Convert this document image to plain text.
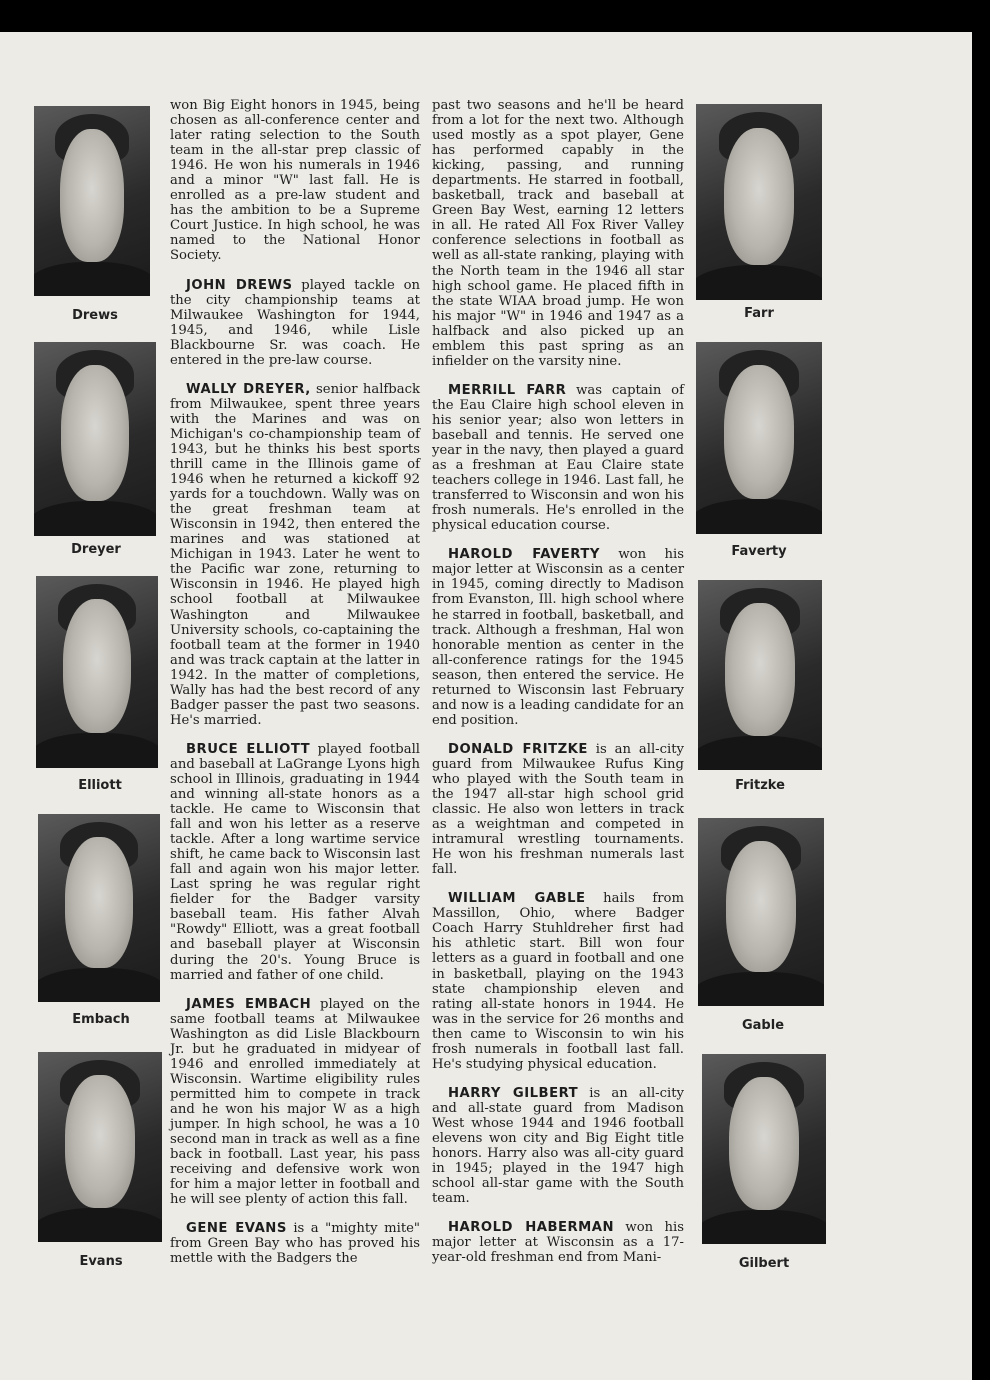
Drews
Dreyer
Elliott
Embach
Evans
Farr
Faverty
Fritzke
Gable
Gilbert

won Big Eight honors in 1945, being chosen as all-conference center and later rating selection to the South team in the all-star prep classic of 1946. He won his numerals in 1946 and a minor "W" last fall. He is enrolled as a pre-law student and has the ambition to be a Supreme Court Justice. In high school, he was named to the National Honor Society.

JOHN DREWS played tackle on the city championship teams at Milwaukee Washington for 1944, 1945, and 1946, while Lisle Blackbourne Sr. was coach. He entered in the pre-law course.

WALLY DREYER, senior halfback from Milwaukee, spent three years with the Marines and was on Michigan's co-championship team of 1943, but he thinks his best sports thrill came in the Illinois game of 1946 when he returned a kickoff 92 yards for a touchdown. Wally was on the great freshman team at Wisconsin in 1942, then entered the marines and was stationed at Michigan in 1943. Later he went to the Pacific war zone, returning to Wisconsin in 1946. He played high school football at Milwaukee Washington and Milwaukee University schools, co-captaining the football team at the former in 1940 and was track captain at the latter in 1942. In the matter of completions, Wally has had the best record of any Badger passer the past two seasons. He's married.

BRUCE ELLIOTT played football and baseball at LaGrange Lyons high school in Illinois, graduating in 1944 and winning all-state honors as a tackle. He came to Wisconsin that fall and won his letter as a reserve tackle. After a long wartime service shift, he came back to Wisconsin last fall and again won his major letter. Last spring he was regular right fielder for the Badger varsity baseball team. His father Alvah "Rowdy" Elliott, was a great football and baseball player at Wisconsin during the 20's. Young Bruce is married and father of one child.

JAMES EMBACH played on the same football teams at Milwaukee Washington as did Lisle Blackbourn Jr. but he graduated in midyear of 1946 and enrolled immediately at Wisconsin. Wartime eligibility rules permitted him to compete in track and he won his major W as a high jumper. In high school, he was a 10 second man in track as well as a fine back in football. Last year, his pass receiving and defensive work won for him a major letter in football and he will see plenty of action this fall.

GENE EVANS is a "mighty mite" from Green Bay who has proved his mettle with the Badgers the

past two seasons and he'll be heard from a lot for the next two. Although used mostly as a spot player, Gene has performed capably in the kicking, passing, and running departments. He starred in football, basketball, track and baseball at Green Bay West, earning 12 letters in all. He rated All Fox River Valley conference selections in football as well as all-state ranking, playing with the North team in the 1946 all star high school game. He placed fifth in the state WIAA broad jump. He won his major "W" in 1946 and 1947 as a halfback and also picked up an emblem this past spring as an infielder on the varsity nine.

MERRILL FARR was captain of the Eau Claire high school eleven in his senior year; also won letters in baseball and tennis. He served one year in the navy, then played a guard as a freshman at Eau Claire state teachers college in 1946. Last fall, he transferred to Wisconsin and won his frosh numerals. He's enrolled in the physical education course.

HAROLD FAVERTY won his major letter at Wisconsin as a center in 1945, coming directly to Madison from Evanston, Ill. high school where he starred in football, basketball, and track. Although a freshman, Hal won honorable mention as center in the all-conference ratings for the 1945 season, then entered the service. He returned to Wisconsin last February and now is a leading candidate for an end position.

DONALD FRITZKE is an all-city guard from Milwaukee Rufus King who played with the South team in the 1947 all-star high school grid classic. He also won letters in track as a weightman and competed in intramural wrestling tournaments. He won his freshman numerals last fall.

WILLIAM GABLE hails from Massillon, Ohio, where Badger Coach Harry Stuhldreher first had his athletic start. Bill won four letters as a guard in football and one in basketball, playing on the 1943 state championship eleven and rating all-state honors in 1944. He was in the service for 26 months and then came to Wisconsin to win his frosh numerals in football last fall. He's studying physical education.

HARRY GILBERT is an all-city and all-state guard from Madison West whose 1944 and 1946 football elevens won city and Big Eight title honors. Harry also was all-city guard in 1945; played in the 1947 high school all-star game with the South team.

HAROLD HABERMAN won his major letter at Wisconsin as a 17-year-old freshman end from Mani-
